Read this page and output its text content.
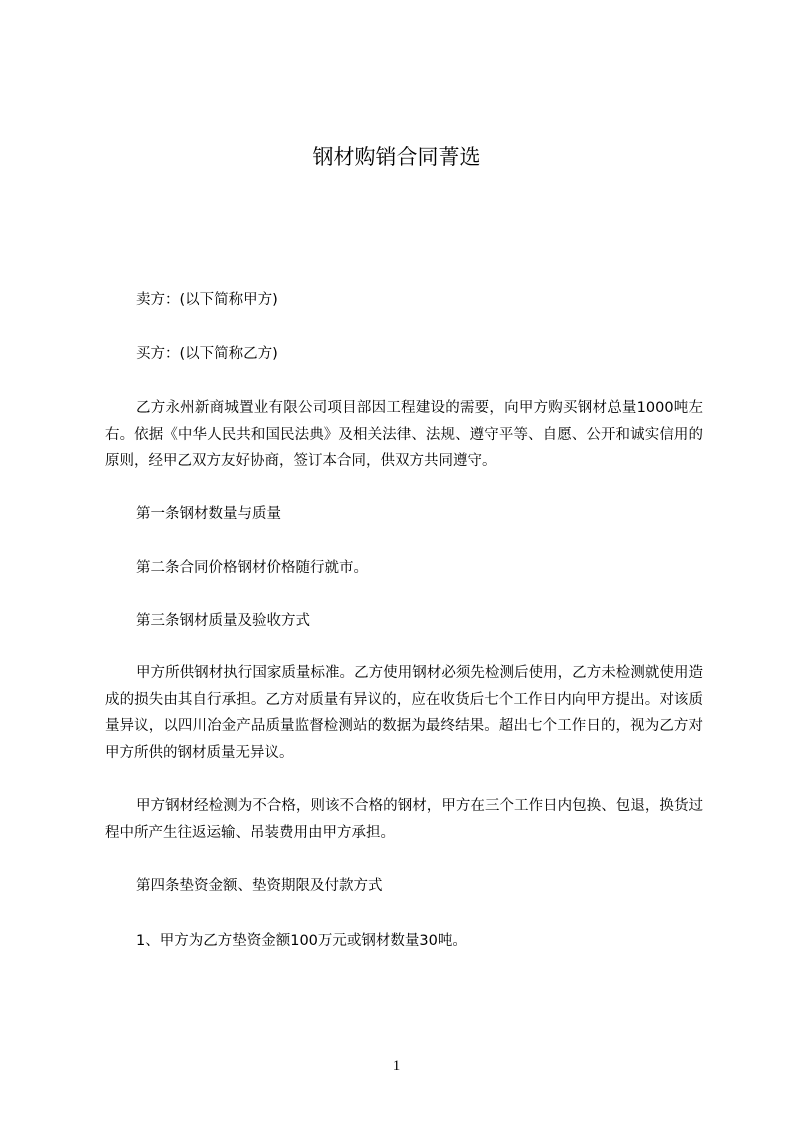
钢材购销合同菁选

卖方：(以下简称甲方)

买方：(以下简称乙方)

乙方永州新商城置业有限公司项目部因工程建设的需要，向甲方购买钢材总量1000吨左右。依据《中华人民共和国民法典》及相关法律、法规、遵守平等、自愿、公开和诚实信用的原则，经甲乙双方友好协商，签订本合同，供双方共同遵守。

第一条钢材数量与质量

第二条合同价格钢材价格随行就市。

第三条钢材质量及验收方式

甲方所供钢材执行国家质量标准。乙方使用钢材必须先检测后使用，乙方未检测就使用造成的损失由其自行承担。乙方对质量有异议的，应在收货后七个工作日内向甲方提出。对该质量异议，以四川冶金产品质量监督检测站的数据为最终结果。超出七个工作日的，视为乙方对甲方所供的钢材质量无异议。

甲方钢材经检测为不合格，则该不合格的钢材，甲方在三个工作日内包换、包退，换货过程中所产生往返运输、吊装费用由甲方承担。

第四条垫资金额、垫资期限及付款方式

1、甲方为乙方垫资金额100万元或钢材数量30吨。

1
